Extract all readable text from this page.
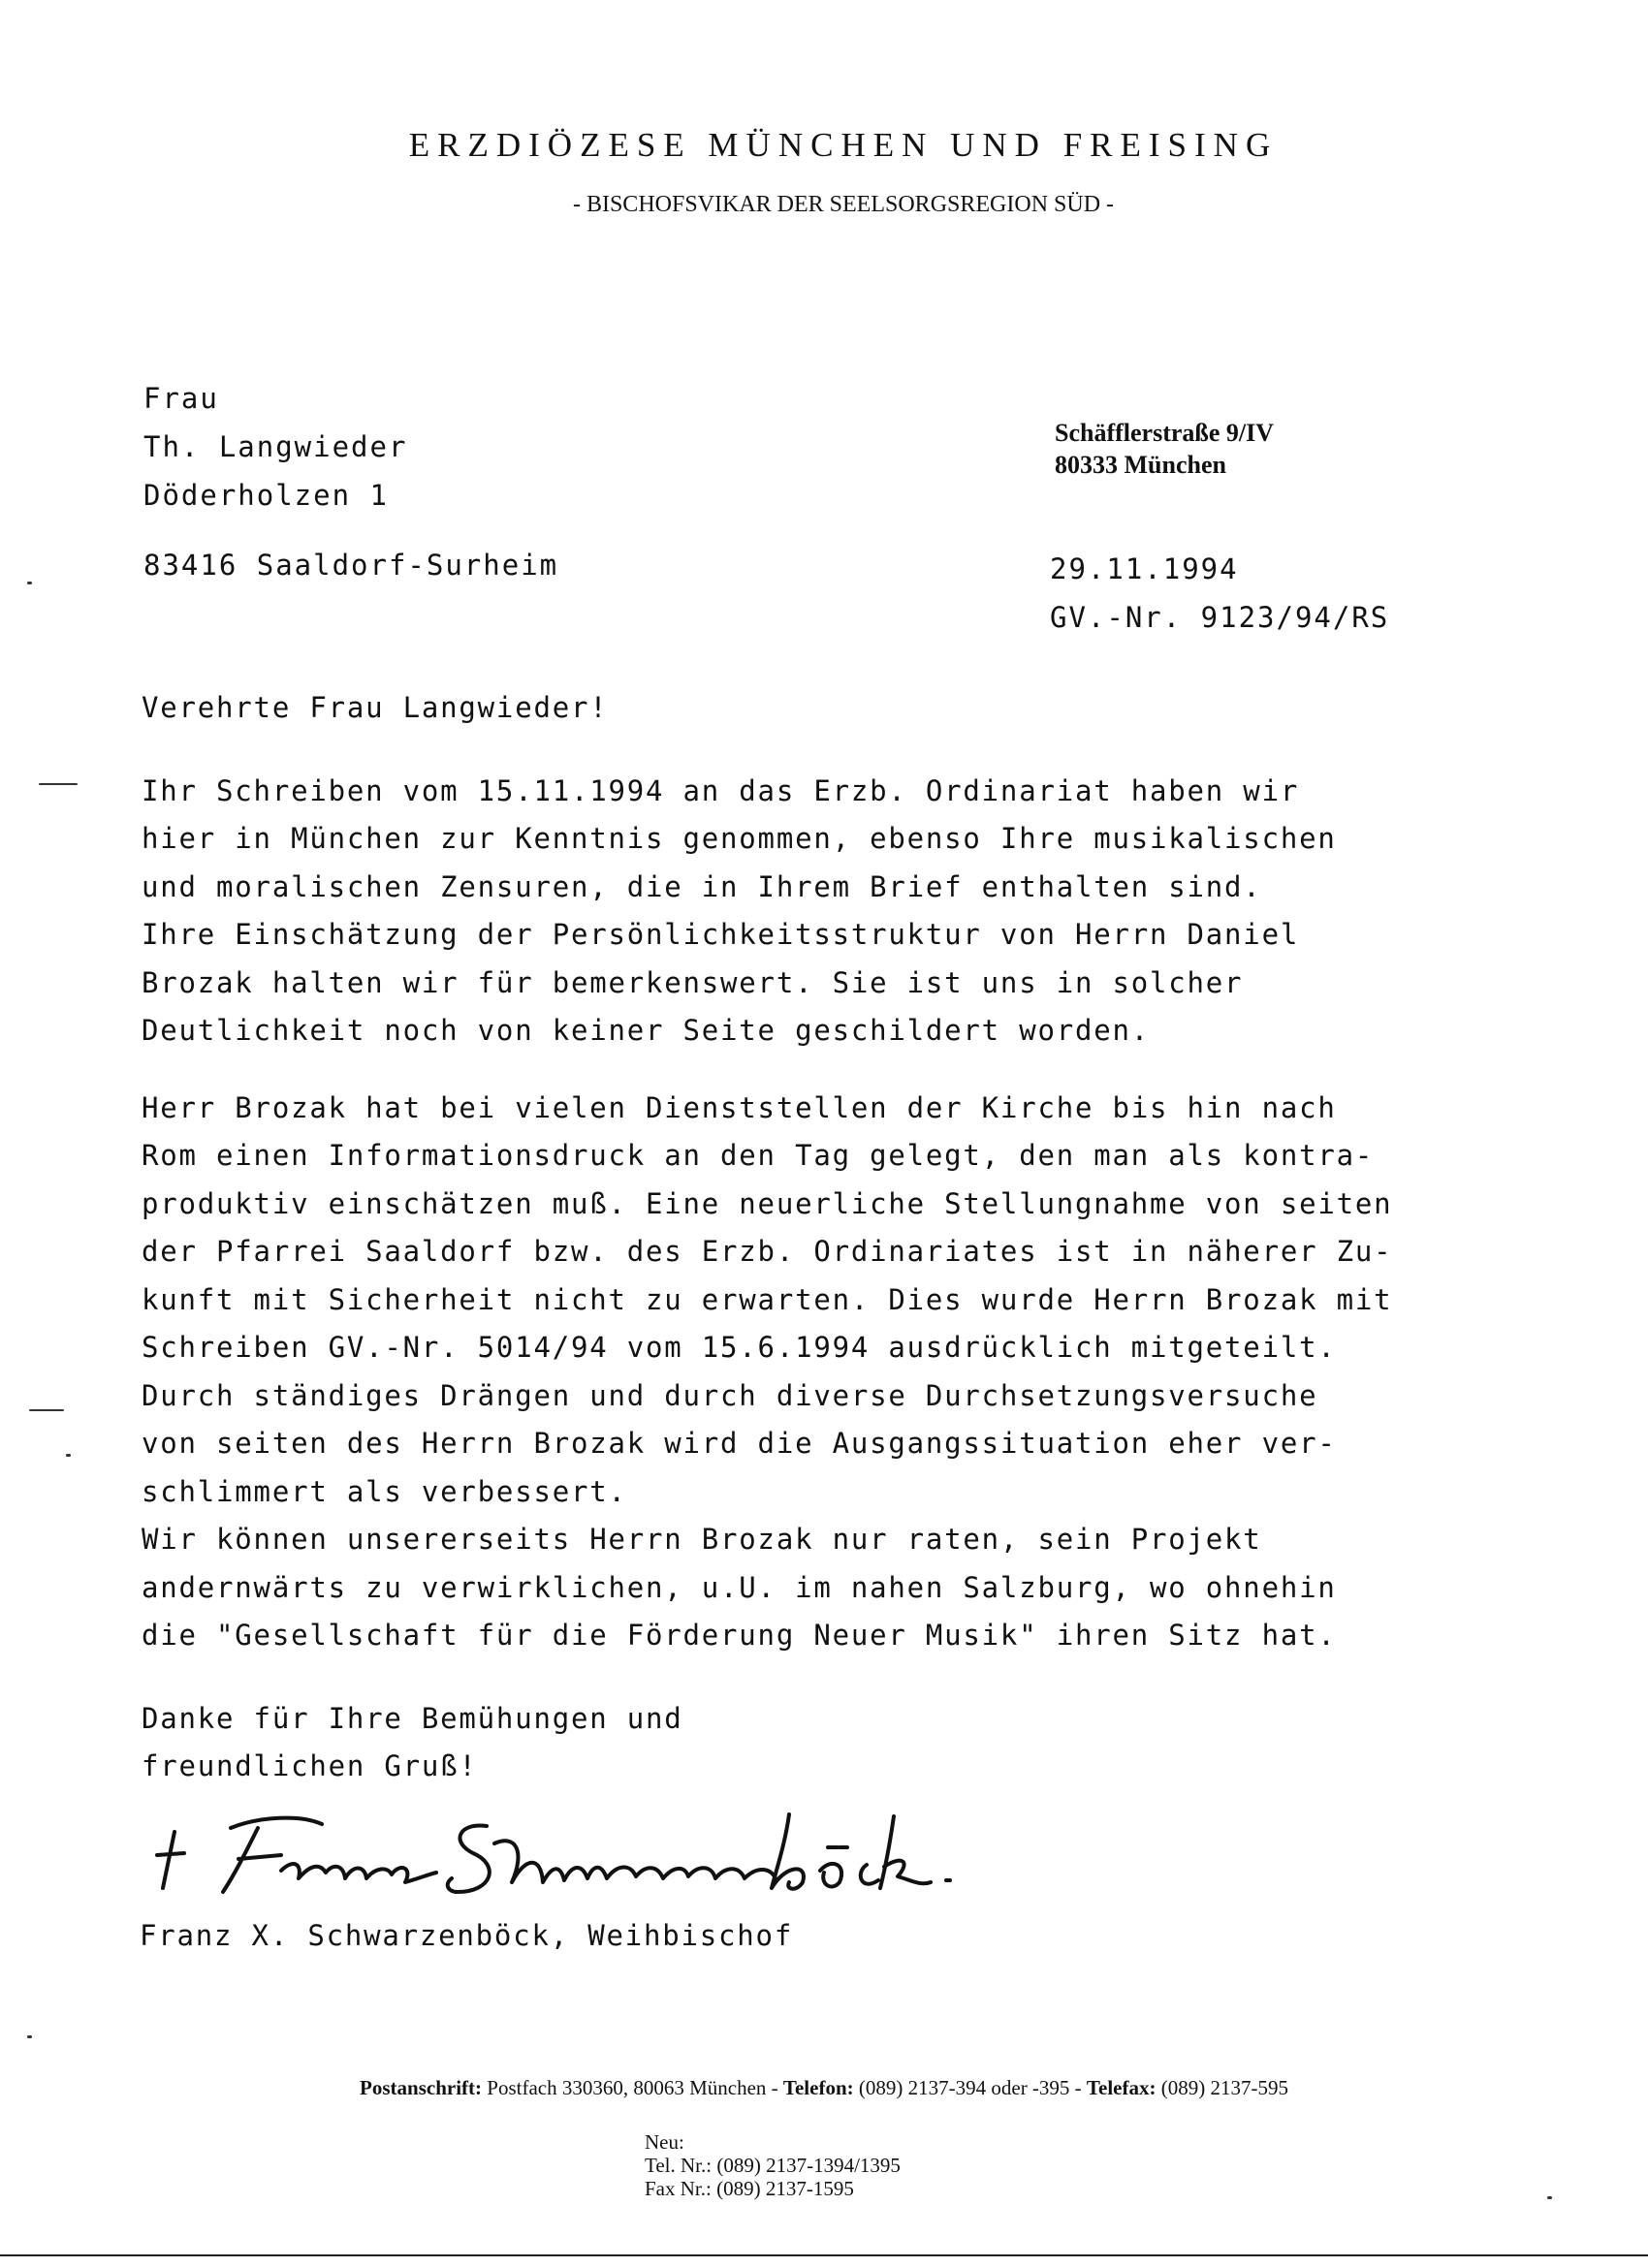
ERZDIÖZESE MÜNCHEN UND FREISING
- BISCHOFSVIKAR DER SEELSORGSREGION SÜD -
Frau
Th. Langwieder
Döderholzen 1
83416 Saaldorf-Surheim
Schäfflerstraße 9/IV
80333 München
29.11.1994
GV.-Nr. 9123/94/RS
Verehrte Frau Langwieder!
Ihr Schreiben vom 15.11.1994 an das Erzb. Ordinariat haben wir
hier in München zur Kenntnis genommen, ebenso Ihre musikalischen
und moralischen Zensuren, die in Ihrem Brief enthalten sind.
Ihre Einschätzung der Persönlichkeitsstruktur von Herrn Daniel
Brozak halten wir für bemerkenswert. Sie ist uns in solcher
Deutlichkeit noch von keiner Seite geschildert worden.
Herr Brozak hat bei vielen Dienststellen der Kirche bis hin nach
Rom einen Informationsdruck an den Tag gelegt, den man als kontra-
produktiv einschätzen muß. Eine neuerliche Stellungnahme von seiten
der Pfarrei Saaldorf bzw. des Erzb. Ordinariates ist in näherer Zu-
kunft mit Sicherheit nicht zu erwarten. Dies wurde Herrn Brozak mit
Schreiben GV.-Nr. 5014/94 vom 15.6.1994 ausdrücklich mitgeteilt.
Durch ständiges Drängen und durch diverse Durchsetzungsversuche
von seiten des Herrn Brozak wird die Ausgangssituation eher ver-
schlimmert als verbessert.
Wir können unsererseits Herrn Brozak nur raten, sein Projekt
andernwärts zu verwirklichen, u.U. im nahen Salzburg, wo ohnehin
die "Gesellschaft für die Förderung Neuer Musik" ihren Sitz hat.
Danke für Ihre Bemühungen und
freundlichen Gruß!
Franz X. Schwarzenböck, Weihbischof
Postanschrift: Postfach 330360, 80063 München - Telefon: (089) 2137-394 oder -395 - Telefax: (089) 2137-595
Neu:
Tel. Nr.: (089) 2137-1394/1395
Fax Nr.: (089) 2137-1595
